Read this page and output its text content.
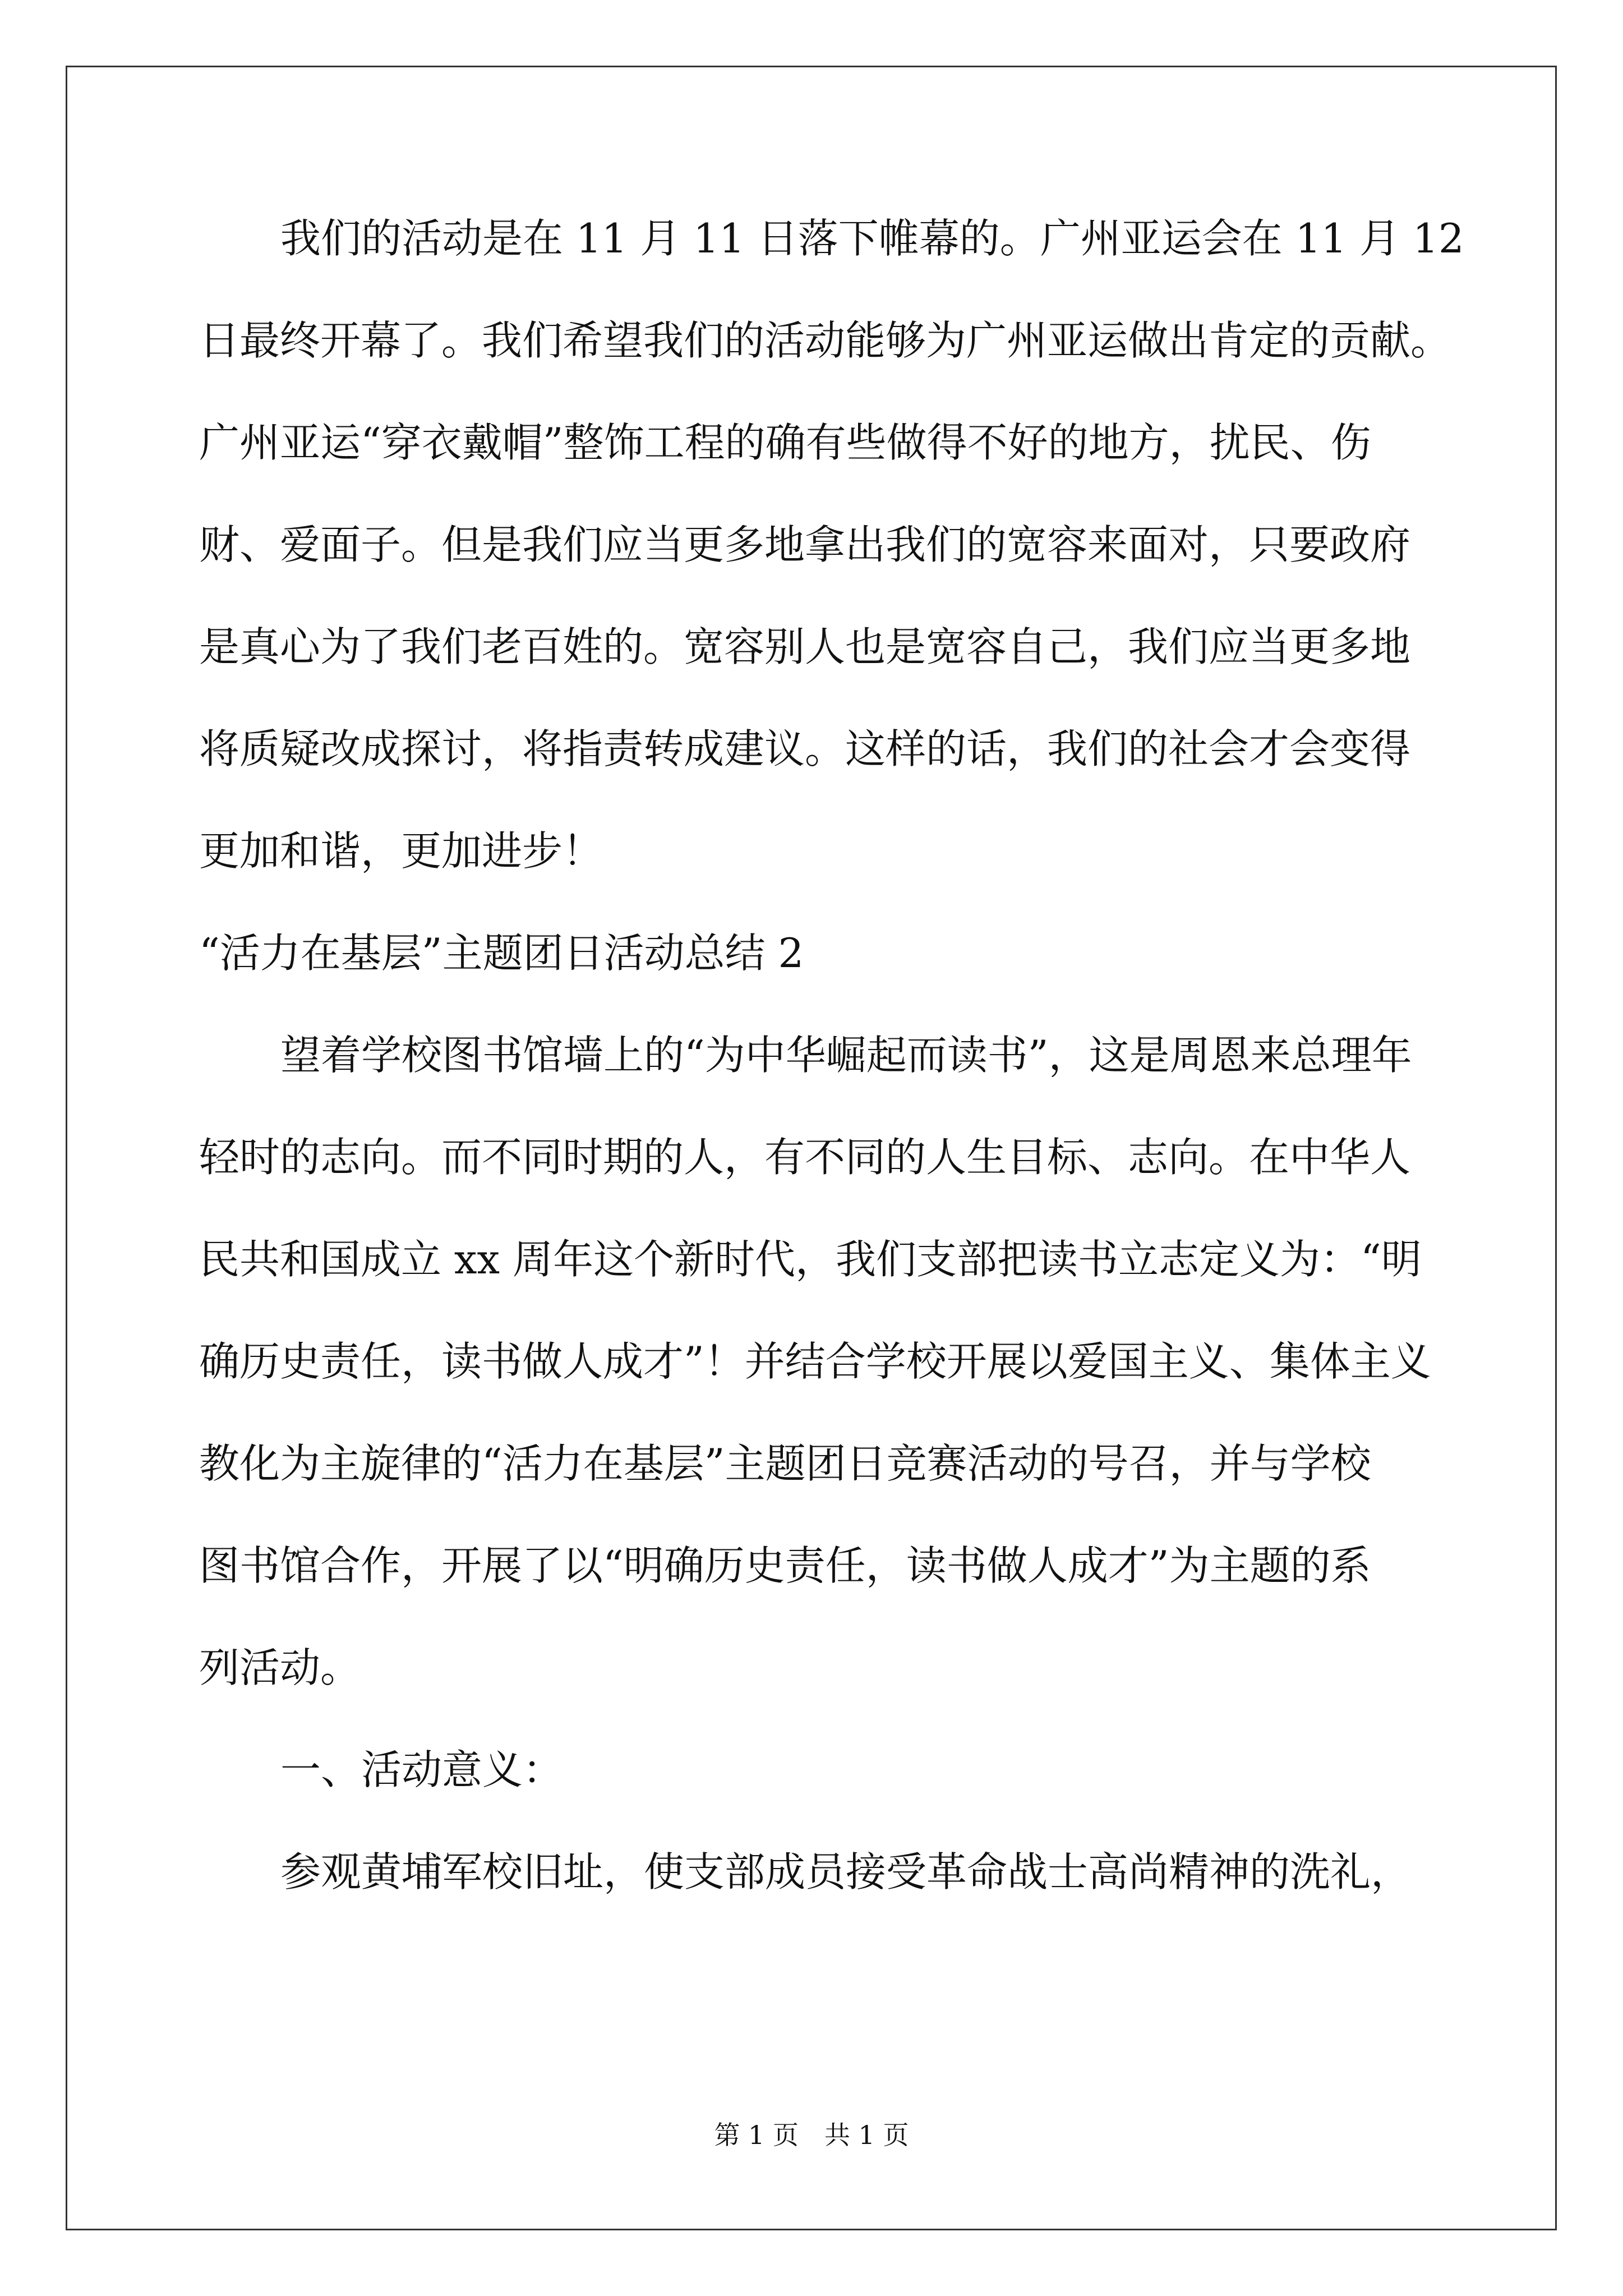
我们的活动是在 11 月 11 日落下帷幕的。广州亚运会在 11 月 12
日最终开幕了。我们希望我们的活动能够为广州亚运做出肯定的贡献。
广州亚运“穿衣戴帽”整饰工程的确有些做得不好的地方，扰民、伤
财、爱面子。但是我们应当更多地拿出我们的宽容来面对，只要政府
是真心为了我们老百姓的。宽容别人也是宽容自己，我们应当更多地
将质疑改成探讨，将指责转成建议。这样的话，我们的社会才会变得
更加和谐，更加进步！
“活力在基层”主题团日活动总结 2
望着学校图书馆墙上的“为中华崛起而读书”，这是周恩来总理年
轻时的志向。而不同时期的人，有不同的人生目标、志向。在中华人
民共和国成立 xx 周年这个新时代，我们支部把读书立志定义为：“明
确历史责任，读书做人成才”！并结合学校开展以爱国主义、集体主义
教化为主旋律的“活力在基层”主题团日竞赛活动的号召，并与学校
图书馆合作，开展了以“明确历史责任，读书做人成才”为主题的系
列活动。
一、活动意义：
参观黄埔军校旧址，使支部成员接受革命战士高尚精神的洗礼，
第 1 页　共 1 页
